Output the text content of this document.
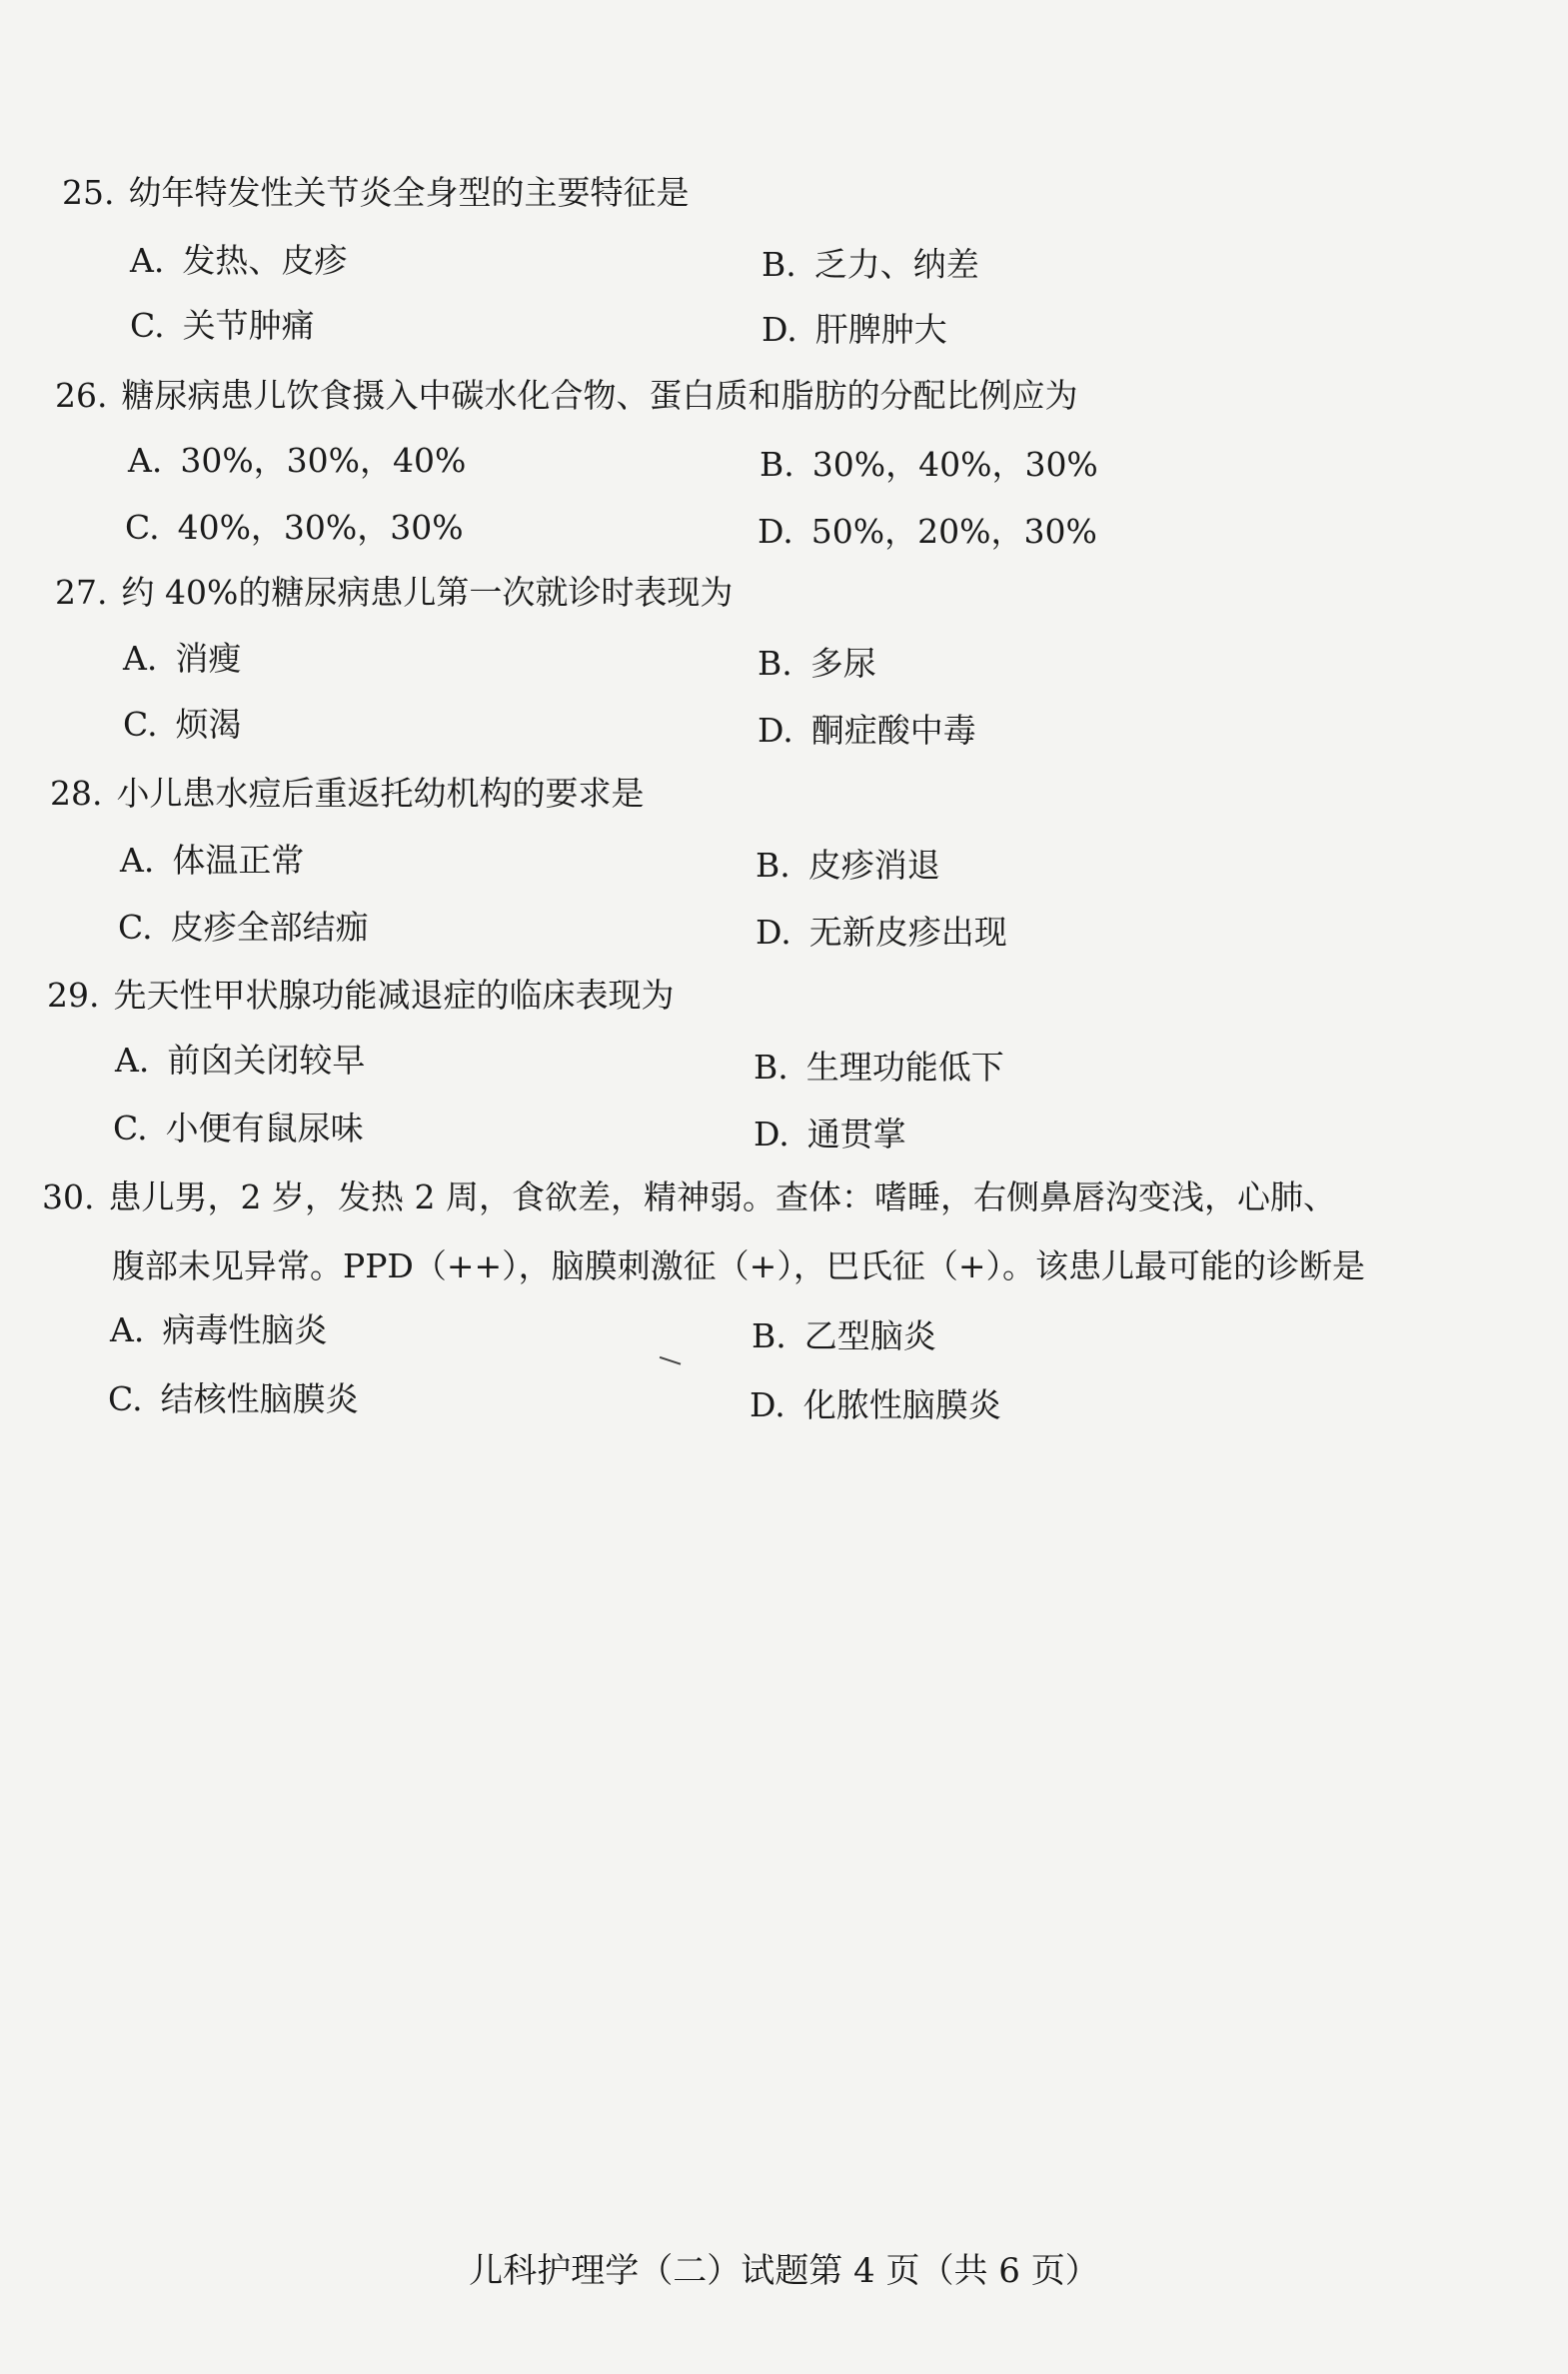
25. 幼年特发性关节炎全身型的主要特征是
A. 发热、皮疹	B. 乏力、纳差
C. 关节肿痛	D. 肝脾肿大
26. 糖尿病患儿饮食摄入中碳水化合物、蛋白质和脂肪的分配比例应为
A. 30%，30%，40%	B. 30%，40%，30%
C. 40%，30%，30%	D. 50%，20%，30%
27. 约 40%的糖尿病患儿第一次就诊时表现为
A. 消瘦	B. 多尿
C. 烦渴	D. 酮症酸中毒
28. 小儿患水痘后重返托幼机构的要求是
A. 体温正常	B. 皮疹消退
C. 皮疹全部结痂	D. 无新皮疹出现
29. 先天性甲状腺功能减退症的临床表现为
A. 前囟关闭较早	B. 生理功能低下
C. 小便有鼠尿味	D. 通贯掌
30. 患儿男，2 岁，发热 2 周，食欲差，精神弱。查体：嗜睡，右侧鼻唇沟变浅，心肺、
腹部未见异常。PPD（++），脑膜刺激征（+），巴氏征（+）。该患儿最可能的诊断是
A. 病毒性脑炎	B. 乙型脑炎
C. 结核性脑膜炎	D. 化脓性脑膜炎
儿科护理学（二）试题第 4 页（共 6 页）
